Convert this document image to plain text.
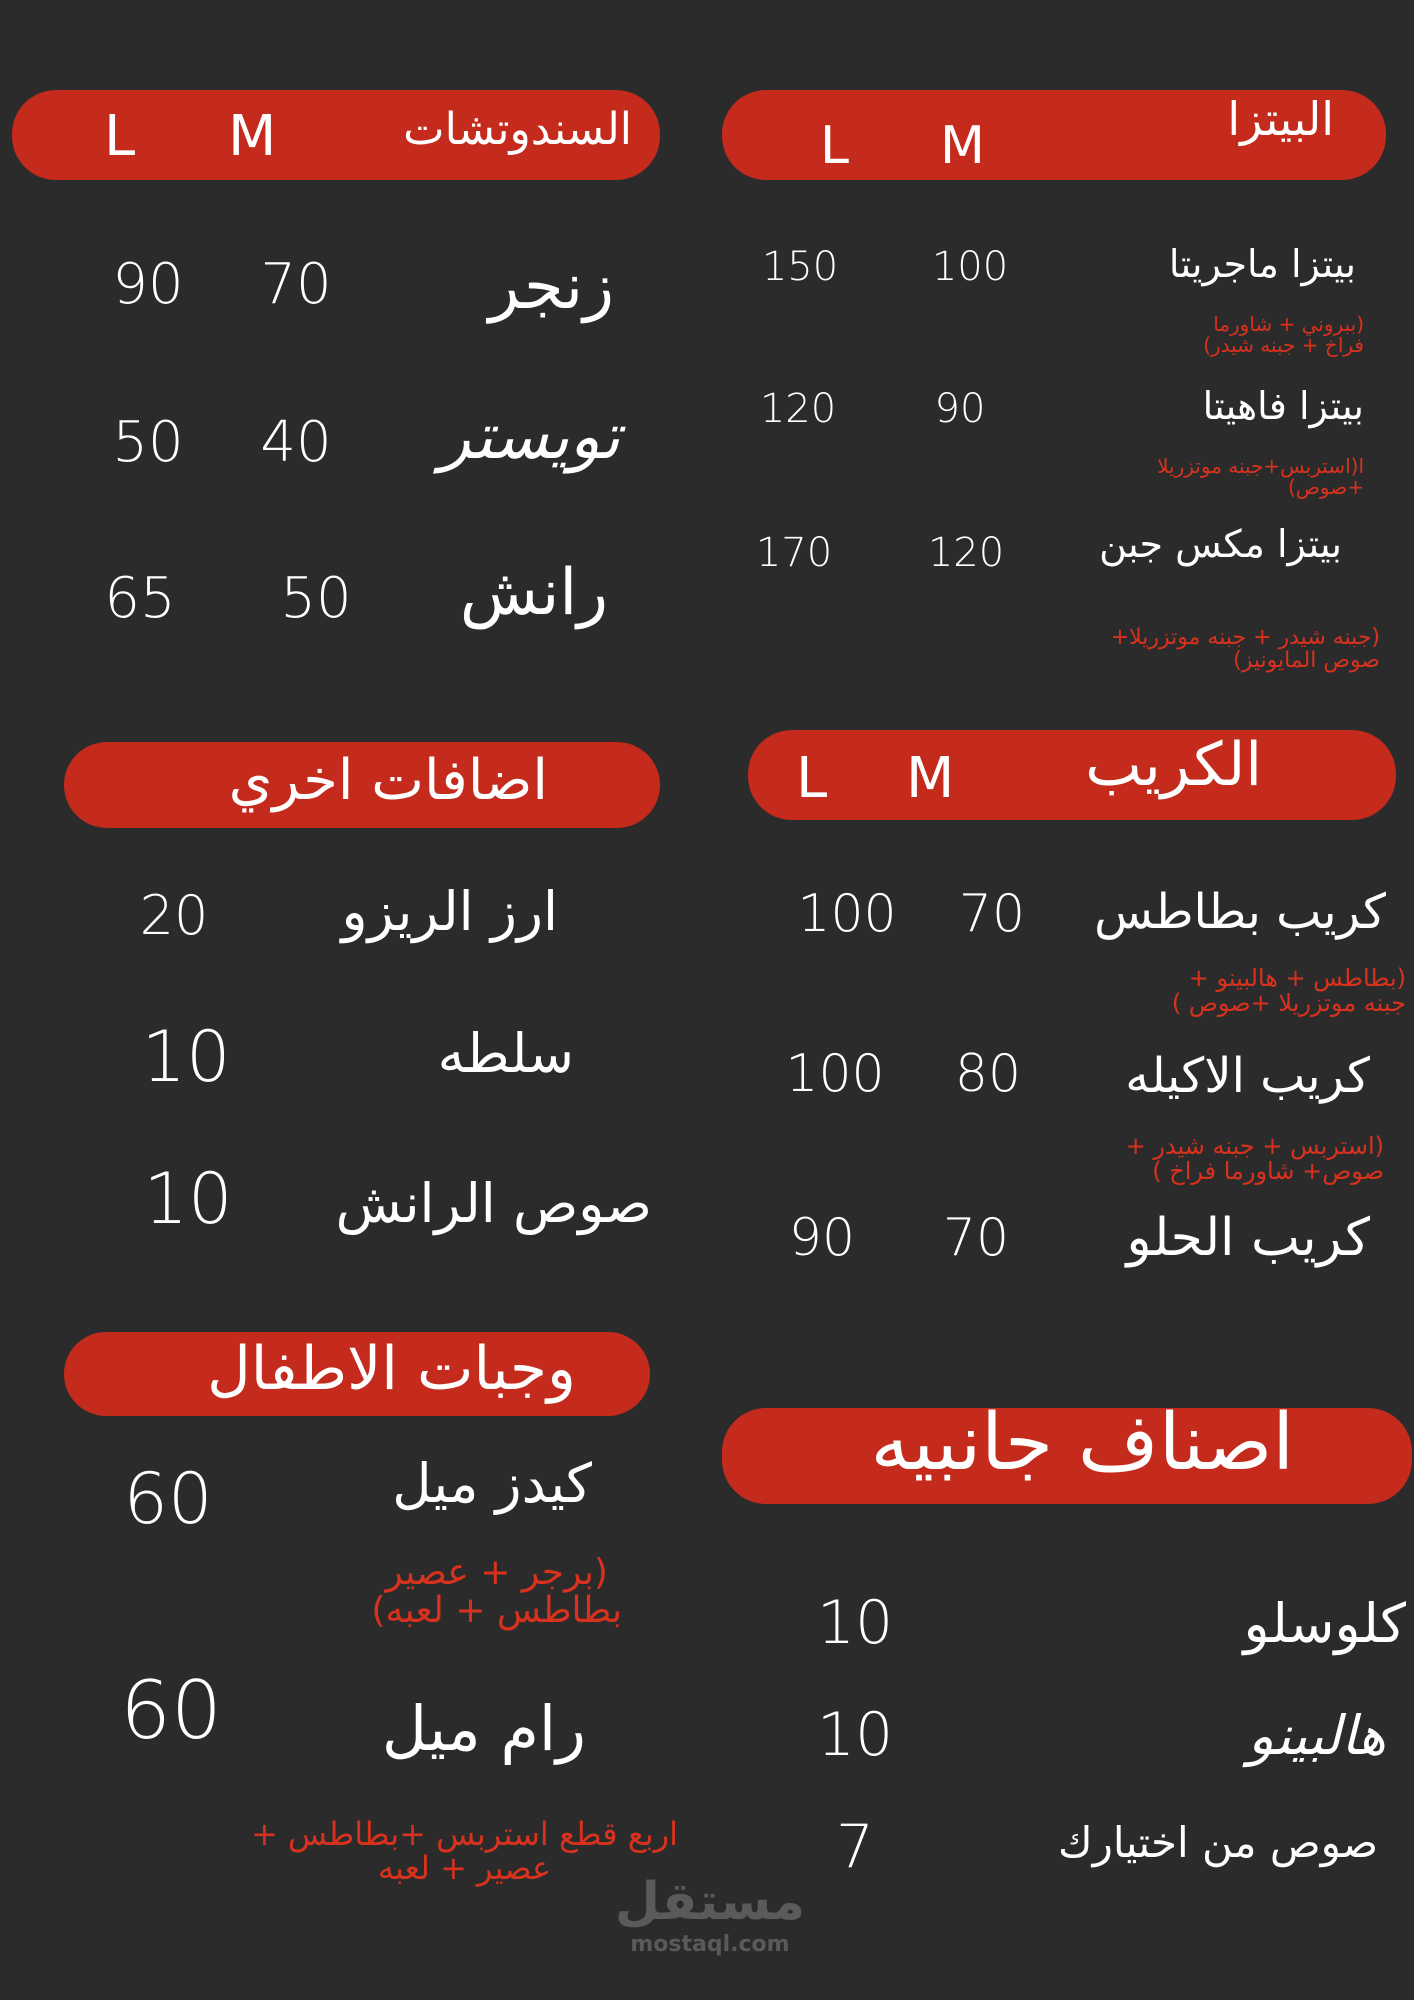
البيتزا
L M
بيتزا ماجريتا
100
150
(ببروني + شاورما
فراخ + جبنه شيدر)
بيتزا فاهيتا
90
120
ا(استربس+جبنه موتزريلا
+صوص)
بيتزا مكس جبن
120
170
(جبنه شيدر + جبنه موتزريلا+
صوص المايونيز)
السندوتشات
L M
زنجر
70
90
تويستر
40
50
رانش
50
65
الكريب
L M
كريب بطاطس
70
100
(بطاطس + هالبينو +
جبنه موتزريلا +صوص )
كريب الاكيله
80
100
(استربس + جبنه شيدر +
صوص+ شاورما فراخ )
كريب الحلو
70
90
اضافات اخري
ارز الريزو
20
سلطه
10
صوص الرانش
10
وجبات الاطفال
كيدز ميل
60
(برجر + عصير
بطاطس + لعبه)
رام ميل
60
اربع قطع استربس +بطاطس +
عصير + لعبه
اصناف جانبيه
كلوسلو
10
هالبينو
10
صوص من اختيارك
7
مستقل
mostaql.com
